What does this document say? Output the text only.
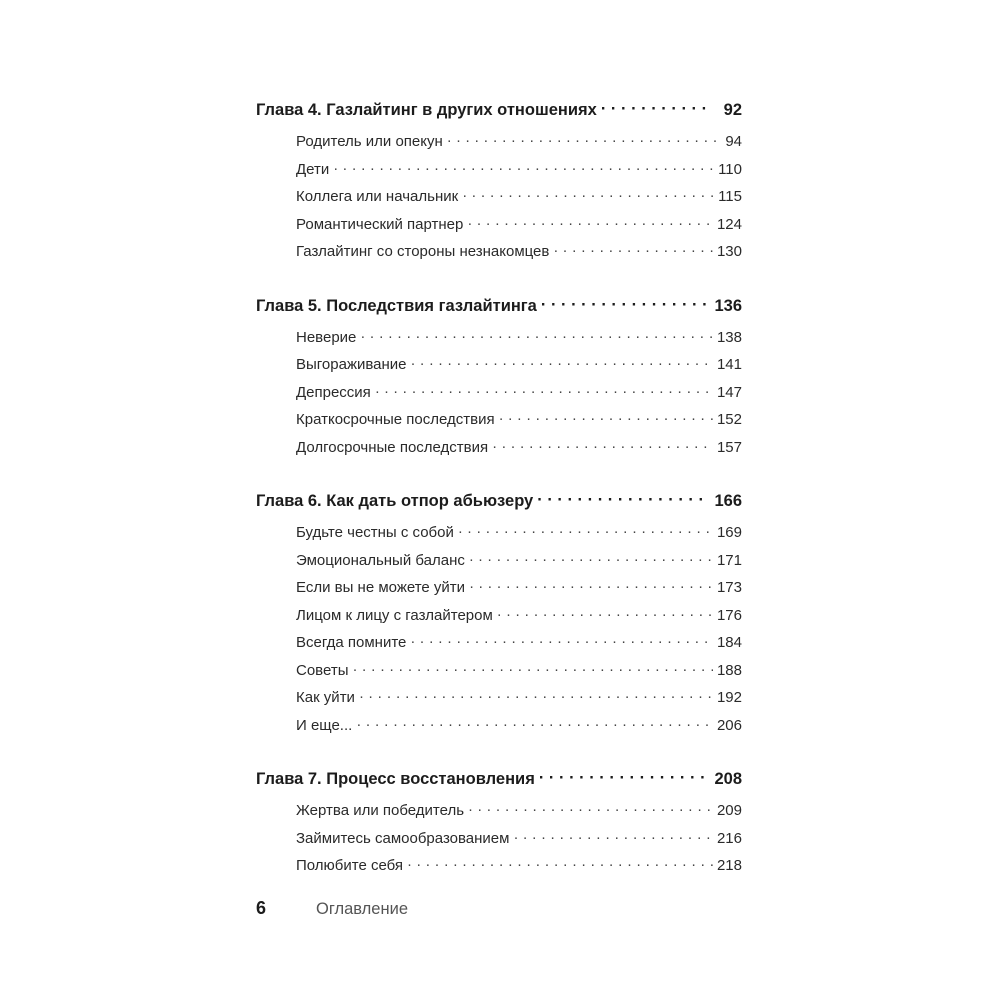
Глава 4. Газлайтинг в других отношениях · · ·	92
Родитель или опекун · · ·	94
Дети · · ·	110
Коллега или начальник · · ·	115
Романтический партнер · · ·	124
Газлайтинг со стороны незнакомцев · · ·	130
Глава 5. Последствия газлайтинга · · ·	136
Неверие · · ·	138
Выгораживание · · ·	141
Депрессия · · ·	147
Краткосрочные последствия · · ·	152
Долгосрочные последствия · · ·	157
Глава 6. Как дать отпор абьюзеру · · ·	166
Будьте честны с собой · · ·	169
Эмоциональный баланс · · ·	171
Если вы не можете уйти · · ·	173
Лицом к лицу с газлайтером · · ·	176
Всегда помните · · ·	184
Советы · · ·	188
Как уйти · · ·	192
И еще... · · ·	206
Глава 7. Процесс восстановления · · ·	208
Жертва или победитель · · ·	209
Займитесь самообразованием · · ·	216
Полюбите себя · · ·	218
6	Оглавление
